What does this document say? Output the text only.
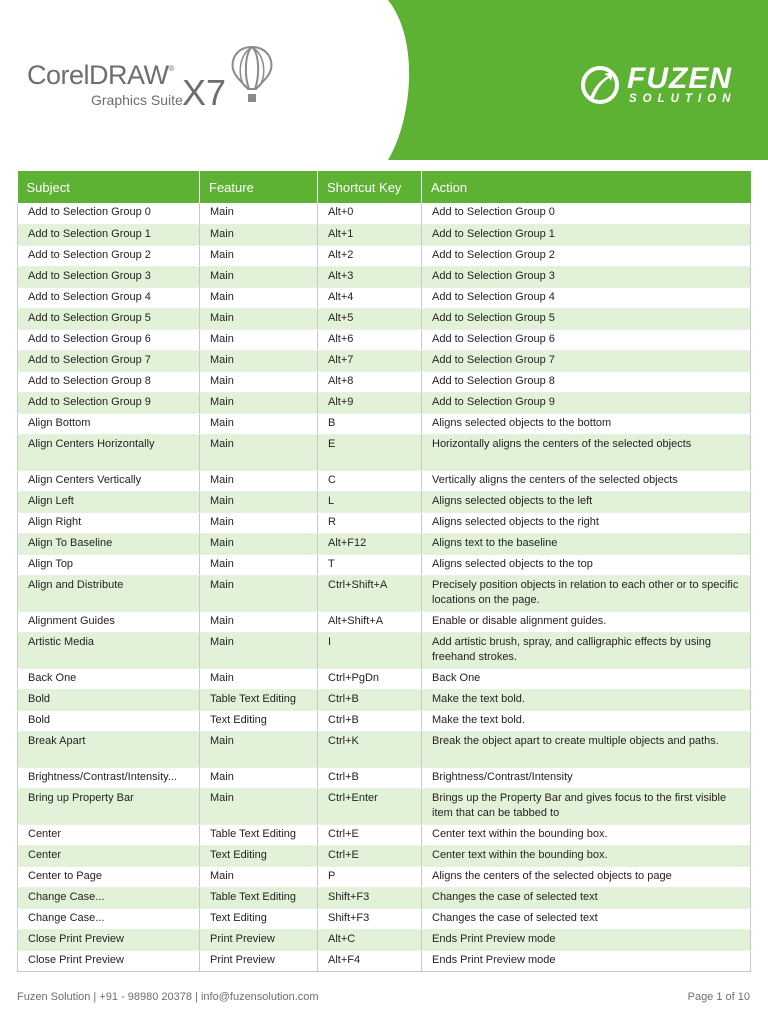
CorelDRAW®
Graphics Suite X7	FUZEN
SOLUTION
Subject	Feature	Shortcut Key	Action
Add to Selection Group 0	Main	Alt+0	Add to Selection Group 0
Add to Selection Group 1	Main	Alt+1	Add to Selection Group 1
Add to Selection Group 2	Main	Alt+2	Add to Selection Group 2
Add to Selection Group 3	Main	Alt+3	Add to Selection Group 3
Add to Selection Group 4	Main	Alt+4	Add to Selection Group 4
Add to Selection Group 5	Main	Alt+5	Add to Selection Group 5
Add to Selection Group 6	Main	Alt+6	Add to Selection Group 6
Add to Selection Group 7	Main	Alt+7	Add to Selection Group 7
Add to Selection Group 8	Main	Alt+8	Add to Selection Group 8
Add to Selection Group 9	Main	Alt+9	Add to Selection Group 9
Align Bottom	Main	B	Aligns selected objects to the bottom
Align Centers Horizontally	Main	E	Horizontally aligns the centers of the selected objects
Align Centers Vertically	Main	C	Vertically aligns the centers of the selected objects
Align Left	Main	L	Aligns selected objects to the left
Align Right	Main	R	Aligns selected objects to the right
Align To Baseline	Main	Alt+F12	Aligns text to the baseline
Align Top	Main	T	Aligns selected objects to the top
Align and Distribute	Main	Ctrl+Shift+A	Precisely position objects in relation to each other or to specific locations on the page.
Alignment Guides	Main	Alt+Shift+A	Enable or disable alignment guides.
Artistic Media	Main	I	Add artistic brush, spray, and calligraphic effects by using freehand strokes.
Back One	Main	Ctrl+PgDn	Back One
Bold	Table Text Editing	Ctrl+B	Make the text bold.
Bold	Text Editing	Ctrl+B	Make the text bold.
Break Apart	Main	Ctrl+K	Break the object apart to create multiple objects and paths.
Brightness/Contrast/Intensity...	Main	Ctrl+B	Brightness/Contrast/Intensity
Bring up Property Bar	Main	Ctrl+Enter	Brings up the Property Bar and gives focus to the first visible item that can be tabbed to
Center	Table Text Editing	Ctrl+E	Center text within the bounding box.
Center	Text Editing	Ctrl+E	Center text within the bounding box.
Center to Page	Main	P	Aligns the centers of the selected objects to page
Change Case...	Table Text Editing	Shift+F3	Changes the case of selected text
Change Case...	Text Editing	Shift+F3	Changes the case of selected text
Close Print Preview	Print Preview	Alt+C	Ends Print Preview mode
Close Print Preview	Print Preview	Alt+F4	Ends Print Preview mode
Fuzen Solution | +91 - 98980 20378 | info@fuzensolution.com	Page 1 of 10
